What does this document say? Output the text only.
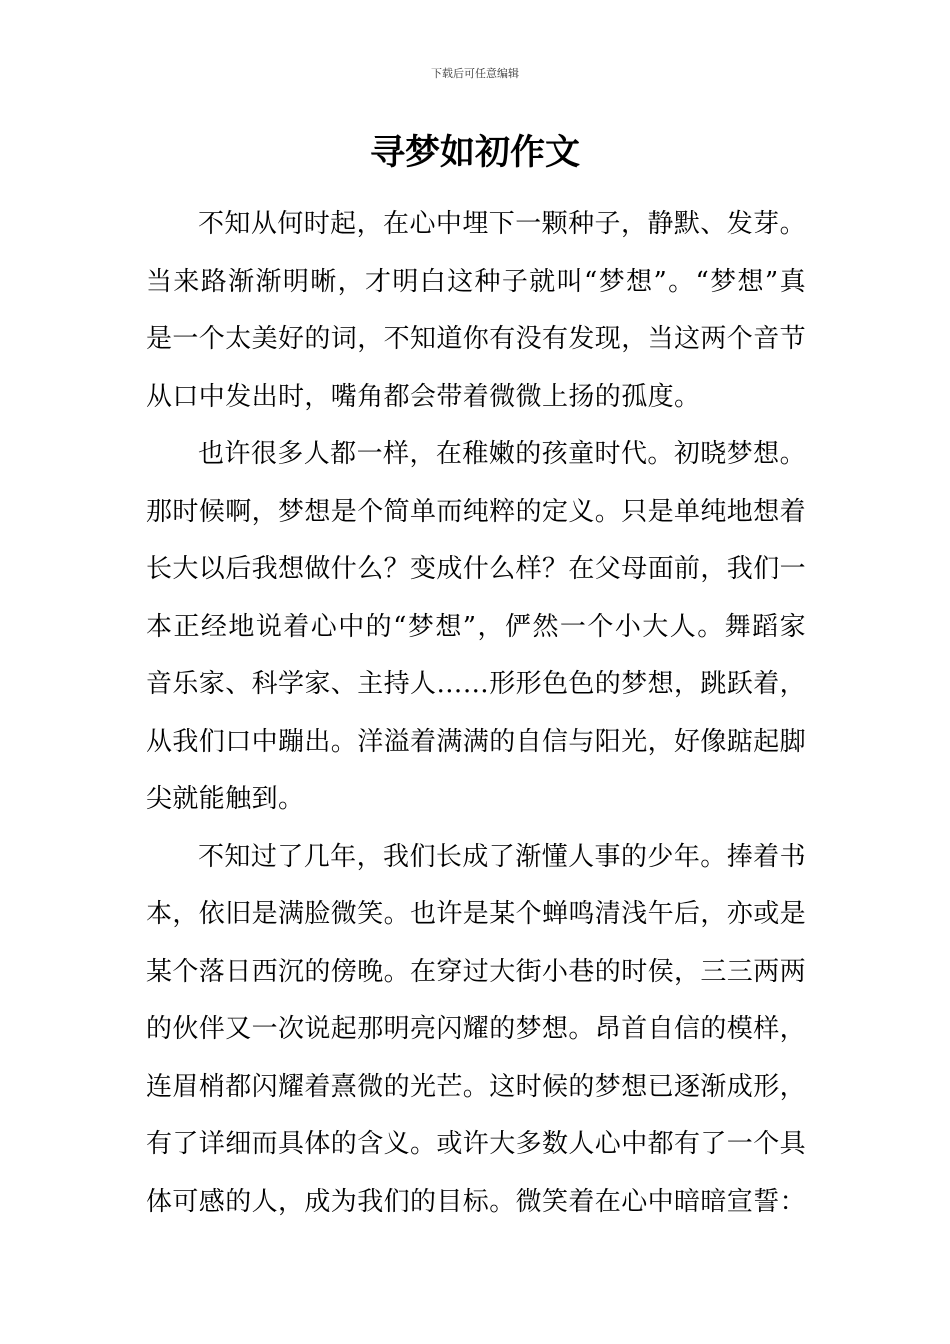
下载后可任意编辑
寻梦如初作文

不知从何时起，在心中埋下一颗种子，静默、发芽。当来路渐渐明晰，才明白这种子就叫“梦想”。“梦想”真是一个太美好的词，不知道你有没有发现，当这两个音节从口中发出时，嘴角都会带着微微上扬的孤度。

也许很多人都一样，在稚嫩的孩童时代。初晓梦想。那时候啊，梦想是个简单而纯粹的定义。只是单纯地想着长大以后我想做什么？变成什么样？在父母面前，我们一本正经地说着心中的“梦想”，俨然一个小大人。舞蹈家音乐家、科学家、主持人……形形色色的梦想，跳跃着，从我们口中蹦出。洋溢着满满的自信与阳光，好像踮起脚尖就能触到。

不知过了几年，我们长成了渐懂人事的少年。捧着书本，依旧是满脸微笑。也许是某个蝉鸣清浅午后，亦或是某个落日西沉的傍晚。在穿过大街小巷的时侯，三三两两的伙伴又一次说起那明亮闪耀的梦想。昂首自信的模样，连眉梢都闪耀着熹微的光芒。这时候的梦想已逐渐成形，有了详细而具体的含义。或许大多数人心中都有了一个具体可感的人，成为我们的目标。微笑着在心中暗暗宣誓：
